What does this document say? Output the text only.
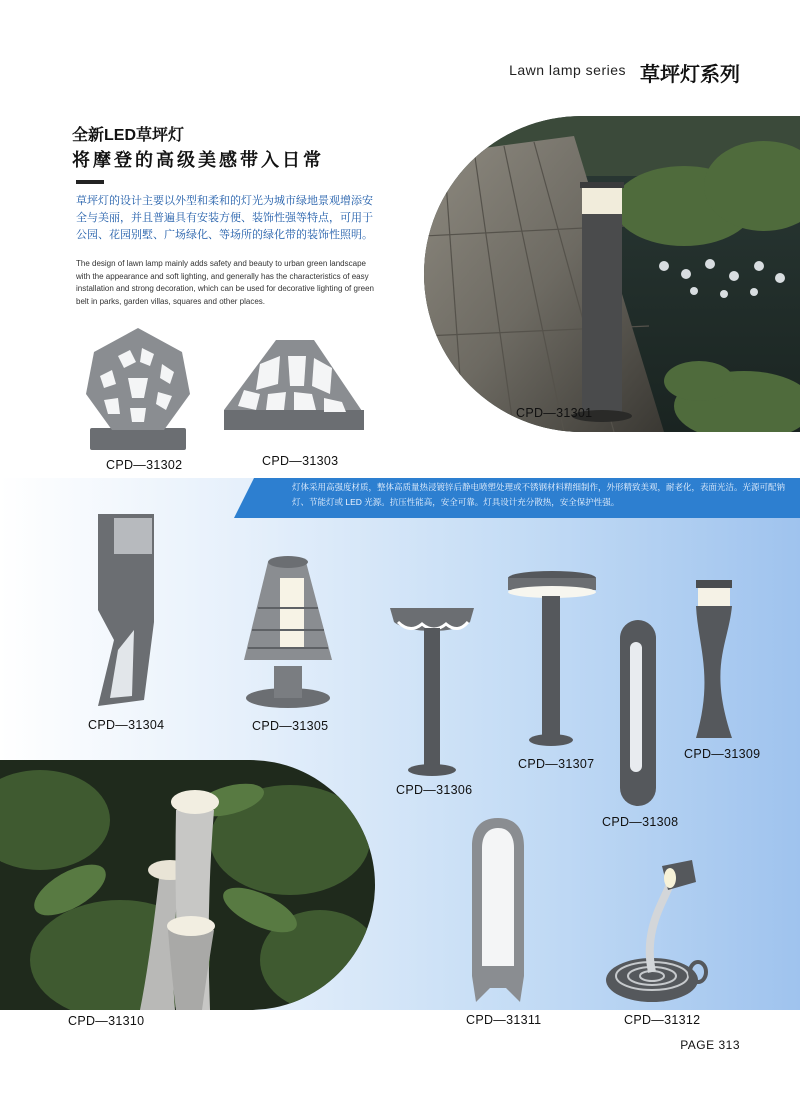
Lawn lamp series 草坪灯系列
全新LED草坪灯
将摩登的高级美感带入日常
草坪灯的设计主要以外型和柔和的灯光为城市绿地景观增添安全与美丽，并且普遍具有安装方便、装饰性强等特点，可用于公园、花园别墅、广场绿化、等场所的绿化带的装饰性照明。
The design of lawn lamp mainly adds safety and beauty to urban green landscape with the appearance and soft lighting, and generally has the characteristics of easy installation and strong decoration, which can be used for decorative lighting of green belt in parks, garden villas, squares and other places.
CPD—31302	CPD—31303
CPD—31301
灯体采用高强度材质，整体高质量热浸镀锌后静电喷塑处理或不锈钢材料精细制作，外形精致美观，耐老化，表面光洁。光源可配钠灯、节能灯或 LED 光源。抗压性能高，安全可靠。灯具设计充分散热，安全保护性强。
CPD—31304	CPD—31305
CPD—31306
CPD—31307
CPD—31308
CPD—31309
CPD—31310	CPD—31311	CPD—31312
PAGE 313
